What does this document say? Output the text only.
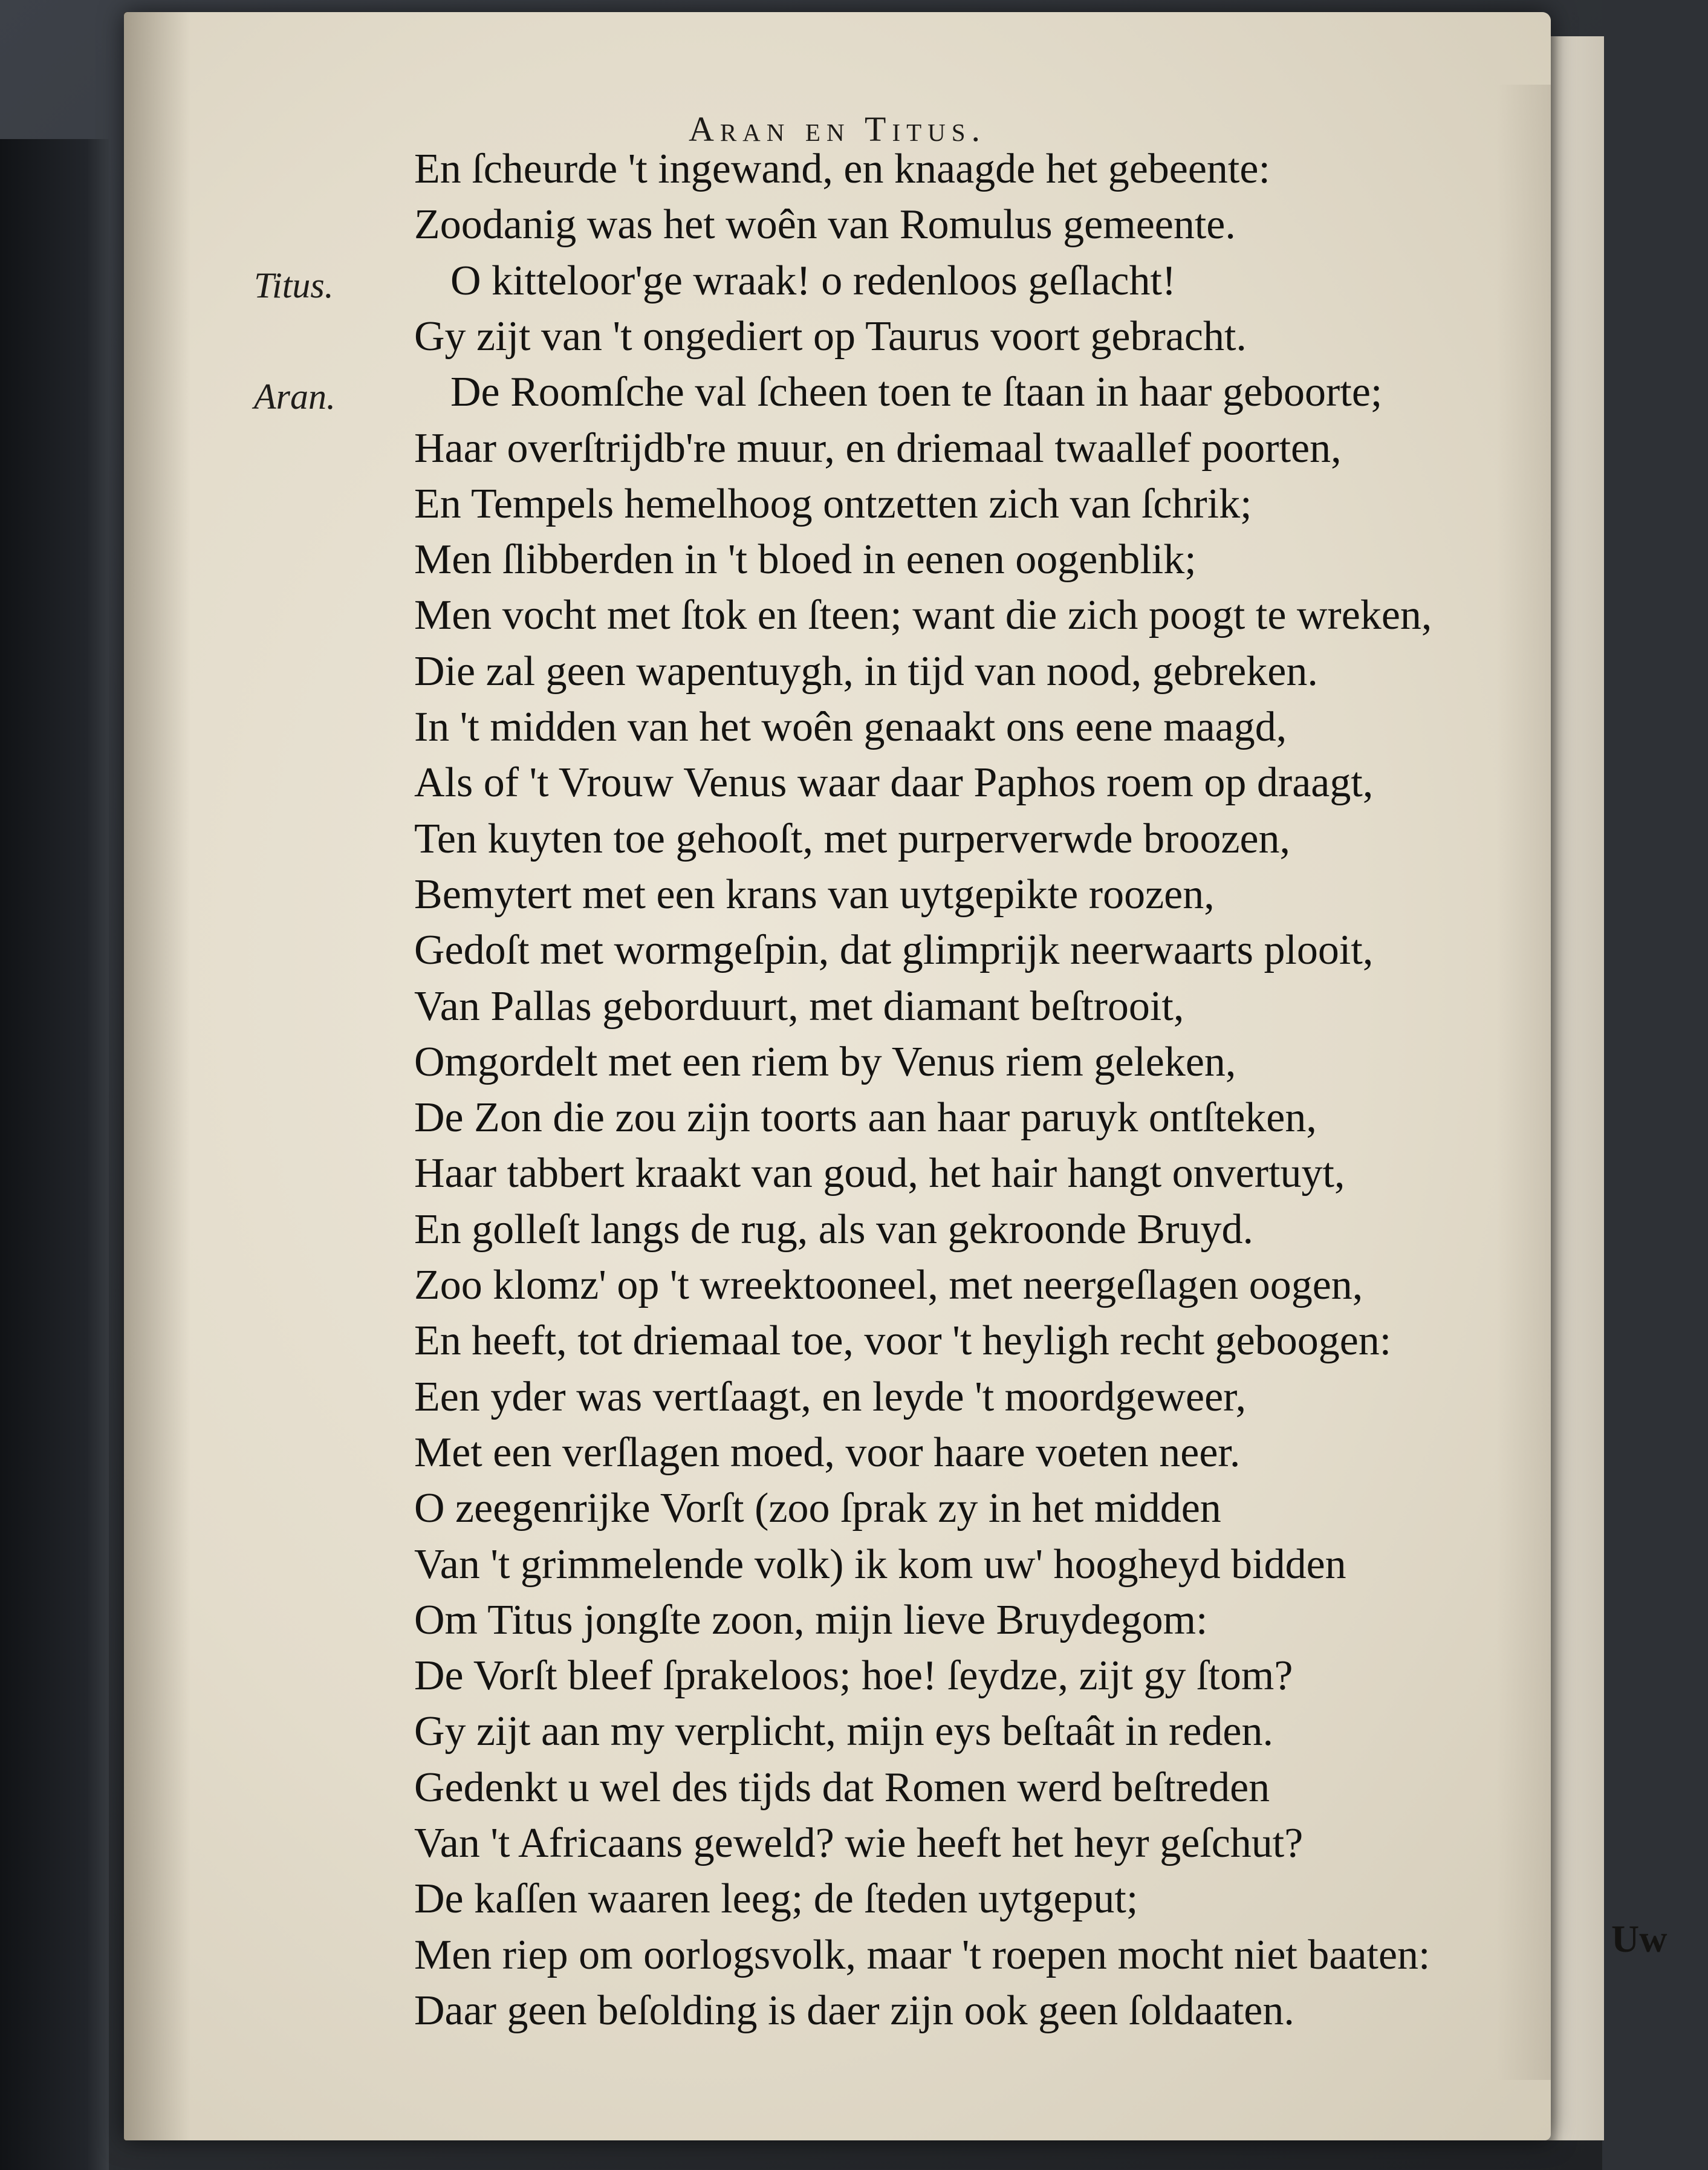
Aran en Titus.
En ſcheurde 't ingewand, en knaagde het gebeente:
Zoodanig was het woên van Romulus gemeente.
O kitteloor'ge wraak! o redenloos geſlacht!
Gy zijt van 't ongediert op Taurus voort gebracht.
De Roomſche val ſcheen toen te ſtaan in haar geboorte;
Haar overſtrijdb're muur, en driemaal twaallef poorten,
En Tempels hemelhoog ontzetten zich van ſchrik;
Men ſlibberden in 't bloed in eenen oogenblik;
Men vocht met ſtok en ſteen; want die zich poogt te wreken,
Die zal geen wapentuygh, in tijd van nood, gebreken.
In 't midden van het woên genaakt ons eene maagd,
Als of 't Vrouw Venus waar daar Paphos roem op draagt,
Ten kuyten toe gehooſt, met purperverwde broozen,
Bemytert met een krans van uytgepikte roozen,
Gedoſt met wormgeſpin, dat glimprijk neerwaarts plooit,
Van Pallas geborduurt, met diamant beſtrooit,
Omgordelt met een riem by Venus riem geleken,
De Zon die zou zijn toorts aan haar paruyk ontſteken,
Haar tabbert kraakt van goud, het hair hangt onvertuyt,
En golleſt langs de rug, als van gekroonde Bruyd.
Zoo klomz' op 't wreektooneel, met neergeſlagen oogen,
En heeft, tot driemaal toe, voor 't heyligh recht geboogen:
Een yder was vertſaagt, en leyde 't moordgeweer,
Met een verſlagen moed, voor haare voeten neer.
O zeegenrijke Vorſt (zoo ſprak zy in het midden
Van 't grimmelende volk) ik kom uw' hoogheyd bidden
Om Titus jongſte zoon, mijn lieve Bruydegom:
De Vorſt bleef ſprakeloos; hoe! ſeydze, zijt gy ſtom?
Gy zijt aan my verplicht, mijn eys beſtaât in reden.
Gedenkt u wel des tijds dat Romen werd beſtreden
Van 't Africaans geweld? wie heeft het heyr geſchut?
De kaſſen waaren leeg; de ſteden uytgeput;
Men riep om oorlogsvolk, maar 't roepen mocht niet baaten:
Daar geen beſolding is daer zijn ook geen ſoldaaten.
Titus.
Aran.
Uw
